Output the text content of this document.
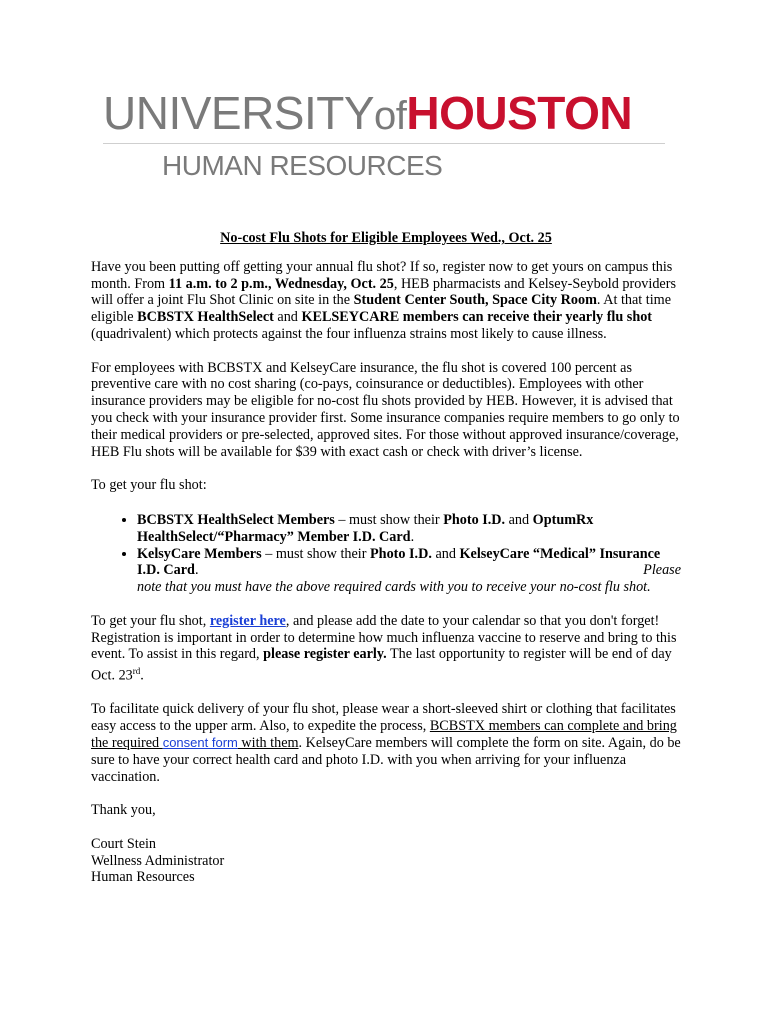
UNIVERSITYofHOUSTON
HUMAN RESOURCES
No-cost Flu Shots for Eligible Employees Wed., Oct. 25

Have you been putting off getting your annual flu shot? If so, register now to get yours on campus this month. From 11 a.m. to 2 p.m., Wednesday, Oct. 25, HEB pharmacists and Kelsey-Seybold providers will offer a joint Flu Shot Clinic on site in the Student Center South, Space City Room. At that time eligible BCBSTX HealthSelect and KELSEYCARE members can receive their yearly flu shot (quadrivalent) which protects against the four influenza strains most likely to cause illness.

For employees with BCBSTX and KelseyCare insurance, the flu shot is covered 100 percent as preventive care with no cost sharing (co-pays, coinsurance or deductibles). Employees with other insurance providers may be eligible for no-cost flu shots provided by HEB. However, it is advised that you check with your insurance provider first. Some insurance companies require members to go only to their medical providers or pre-selected, approved sites. For those without approved insurance/coverage, HEB Flu shots will be available for $39 with exact cash or check with driver’s license.

To get your flu shot:

• BCBSTX HealthSelect Members – must show their Photo I.D. and OptumRx HealthSelect/“Pharmacy” Member I.D. Card.
• KelsyCare Members – must show their Photo I.D. and KelseyCare “Medical” Insurance I.D. Card.	Please

note that you must have the above required cards with you to receive your no-cost flu shot.

To get your flu shot, register here, and please add the date to your calendar so that you don't forget! Registration is important in order to determine how much influenza vaccine to reserve and bring to this event. To assist in this regard, please register early. The last opportunity to register will be end of day Oct. 23rd.

To facilitate quick delivery of your flu shot, please wear a short-sleeved shirt or clothing that facilitates easy access to the upper arm. Also, to expedite the process, BCBSTX members can complete and bring the required consent form with them. KelseyCare members will complete the form on site. Again, do be sure to have your correct health card and photo I.D. with you when arriving for your influenza vaccination.

Thank you,

Court Stein
Wellness Administrator
Human Resources
